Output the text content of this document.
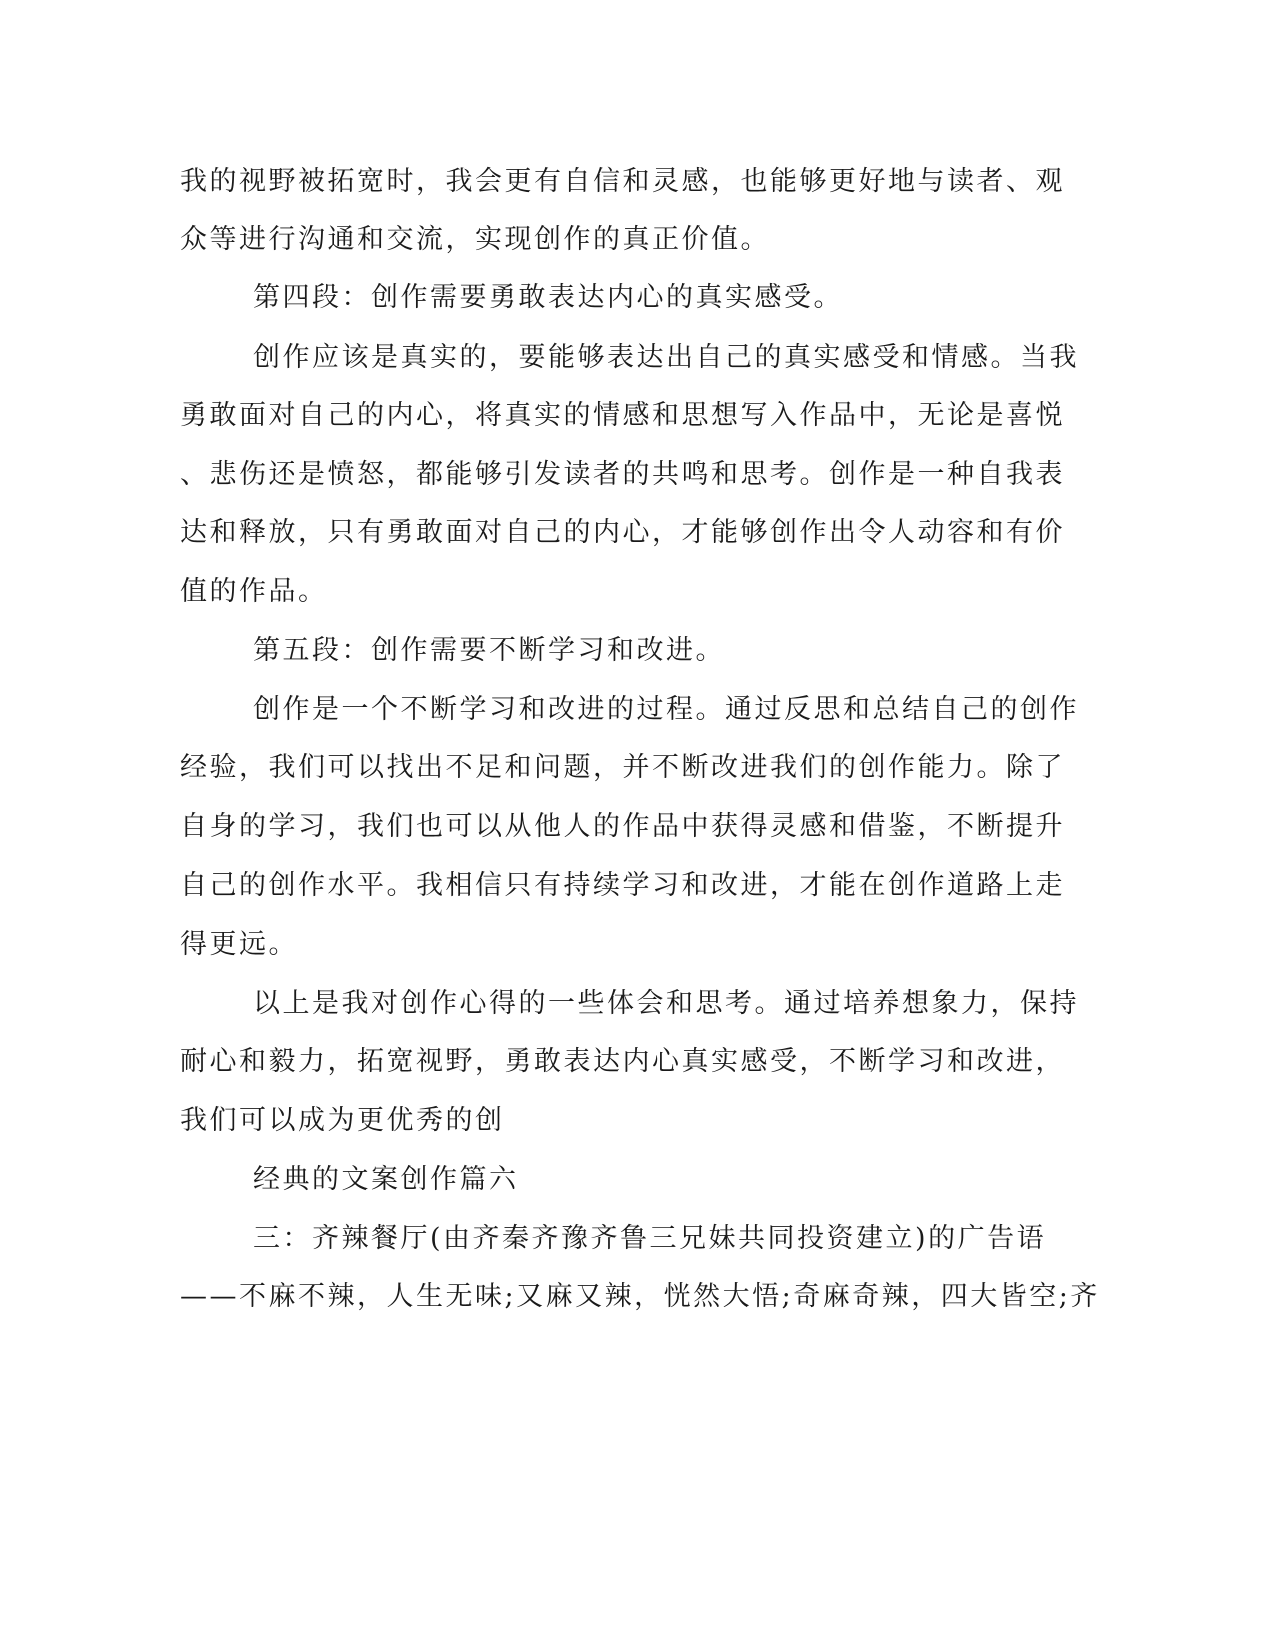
我的视野被拓宽时，我会更有自信和灵感，也能够更好地与读者、观
众等进行沟通和交流，实现创作的真正价值。
第四段：创作需要勇敢表达内心的真实感受。
创作应该是真实的，要能够表达出自己的真实感受和情感。当我
勇敢面对自己的内心，将真实的情感和思想写入作品中，无论是喜悦
、悲伤还是愤怒，都能够引发读者的共鸣和思考。创作是一种自我表
达和释放，只有勇敢面对自己的内心，才能够创作出令人动容和有价
值的作品。
第五段：创作需要不断学习和改进。
创作是一个不断学习和改进的过程。通过反思和总结自己的创作
经验，我们可以找出不足和问题，并不断改进我们的创作能力。除了
自身的学习，我们也可以从他人的作品中获得灵感和借鉴，不断提升
自己的创作水平。我相信只有持续学习和改进，才能在创作道路上走
得更远。
以上是我对创作心得的一些体会和思考。通过培养想象力，保持
耐心和毅力，拓宽视野，勇敢表达内心真实感受，不断学习和改进，
我们可以成为更优秀的创
经典的文案创作篇六
三：齐辣餐厅(由齐秦齐豫齐鲁三兄妹共同投资建立)的广告语
——不麻不辣，人生无味;又麻又辣，恍然大悟;奇麻奇辣，四大皆空;齐
